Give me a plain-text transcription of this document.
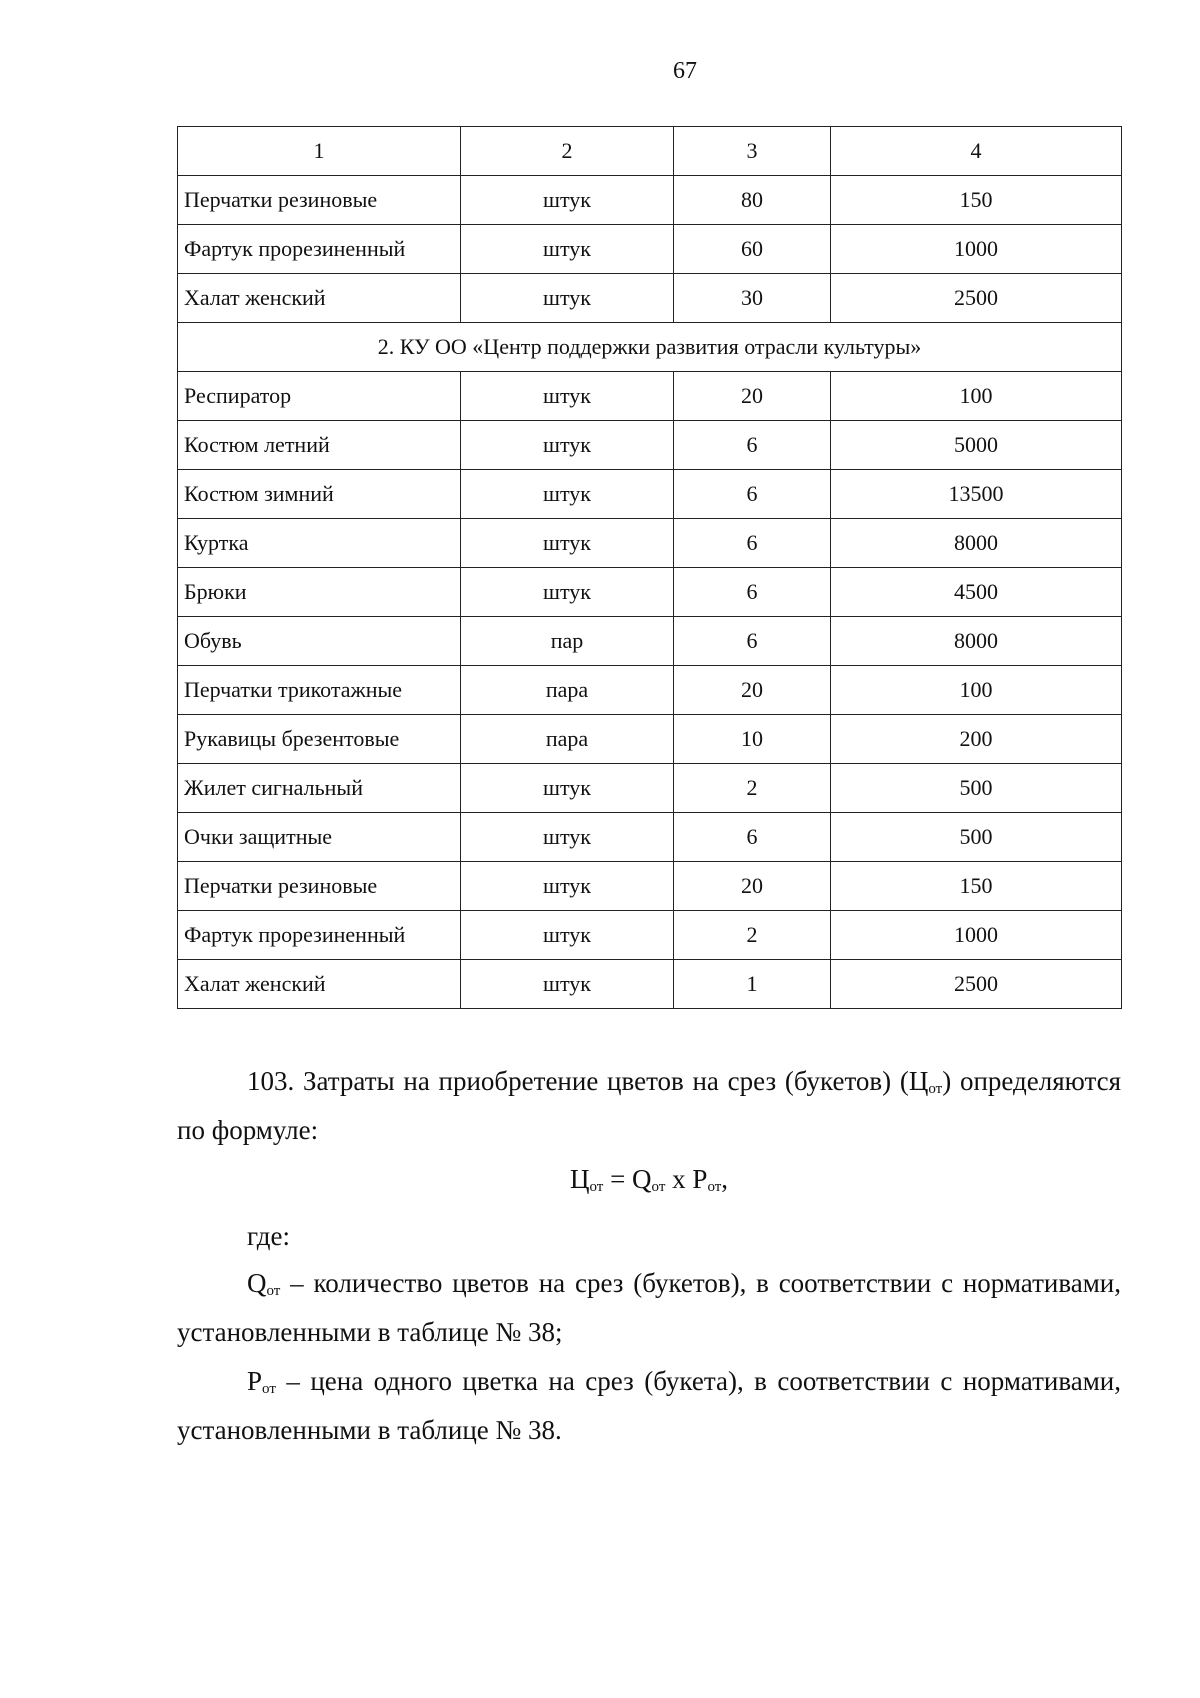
67
1	2	3	4
Перчатки резиновые	штук	80	150
Фартук прорезиненный	штук	60	1000
Халат женский	штук	30	2500
2. КУ ОО «Центр поддержки развития отрасли культуры»			
Респиратор	штук	20	100
Костюм летний	штук	6	5000
Костюм зимний	штук	6	13500
Куртка	штук	6	8000
Брюки	штук	6	4500
Обувь	пар	6	8000
Перчатки трикотажные	пара	20	100
Рукавицы брезентовые	пара	10	200
Жилет сигнальный	штук	2	500
Очки защитные	штук	6	500
Перчатки резиновые	штук	20	150
Фартук прорезиненный	штук	2	1000
Халат женский	штук	1	2500

103. Затраты на приобретение цветов на срез (букетов) $(Ц_{от})$ определяются по формуле:

$Ц_{от} = Q_{от}$ x $P_{от}$,
где:

$Q_{от}$ – количество цветов на срез (букетов), в соответствии с нормативами, установленными в таблице № 38;

$P_{от}$ – цена одного цветка на срез (букета), в соответствии с нормативами, установленными в таблице № 38.
